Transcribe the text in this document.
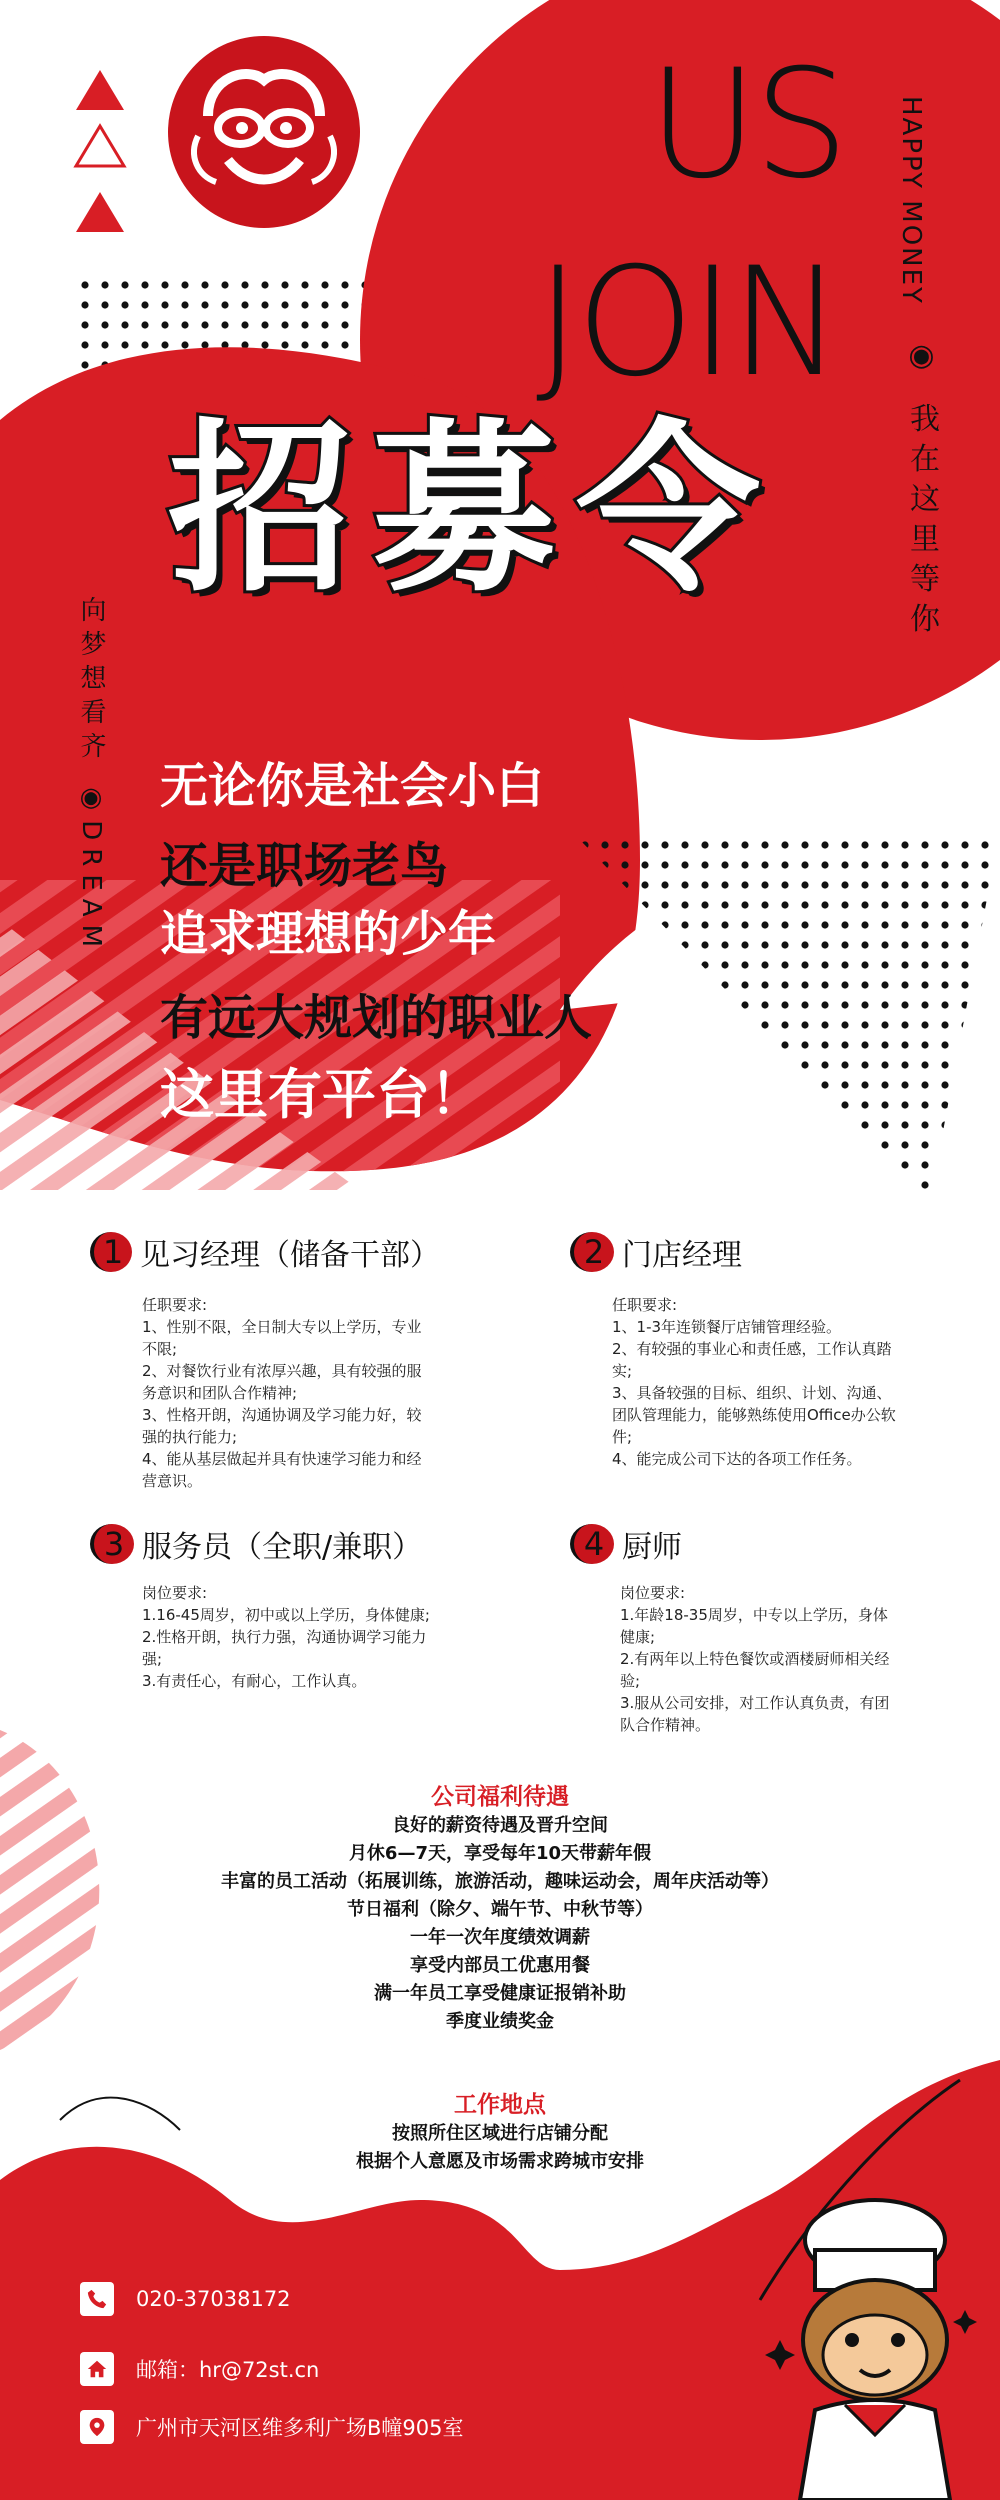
US
JOIN
HAPPY MONEY
◉ 我在这里等你
向梦想看齐 ◉DREAM
招募令
无论你是社会小白
还是职场老鸟
追求理想的少年
有远大规划的职业人
这里有平台！
1 见习经理（储备干部）

任职要求:

1、性别不限，全日制大专以上学历，专业不限;

2、对餐饮行业有浓厚兴趣，具有较强的服务意识和团队合作精神;

3、性格开朗，沟通协调及学习能力好，较强的执行能力;

4、能从基层做起并具有快速学习能力和经营意识。

2 门店经理

任职要求:

1、1-3年连锁餐厅店铺管理经验。

2、有较强的事业心和责任感，工作认真踏实;

3、具备较强的目标、组织、计划、沟通、团队管理能力，能够熟练使用Office办公软件;

4、能完成公司下达的各项工作任务。

3 服务员（全职/兼职）

岗位要求:

1.16-45周岁，初中或以上学历，身体健康;

2.性格开朗，执行力强，沟通协调学习能力强;

3.有责任心，有耐心，工作认真。

4 厨师

岗位要求:

1.年龄18-35周岁，中专以上学历，身体健康;

2.有两年以上特色餐饮或酒楼厨师相关经验;

3.服从公司安排，对工作认真负责，有团队合作精神。

公司福利待遇
良好的薪资待遇及晋升空间
月休6—7天，享受每年10天带薪年假
丰富的员工活动（拓展训练，旅游活动，趣味运动会，周年庆活动等）
节日福利（除夕、端午节、中秋节等）
一年一次年度绩效调薪
享受内部员工优惠用餐
满一年员工享受健康证报销补助
季度业绩奖金
工作地点
按照所住区域进行店铺分配
根据个人意愿及市场需求跨城市安排
020-37038172
邮箱：hr@72st.cn
广州市天河区维多利广场B幢905室
